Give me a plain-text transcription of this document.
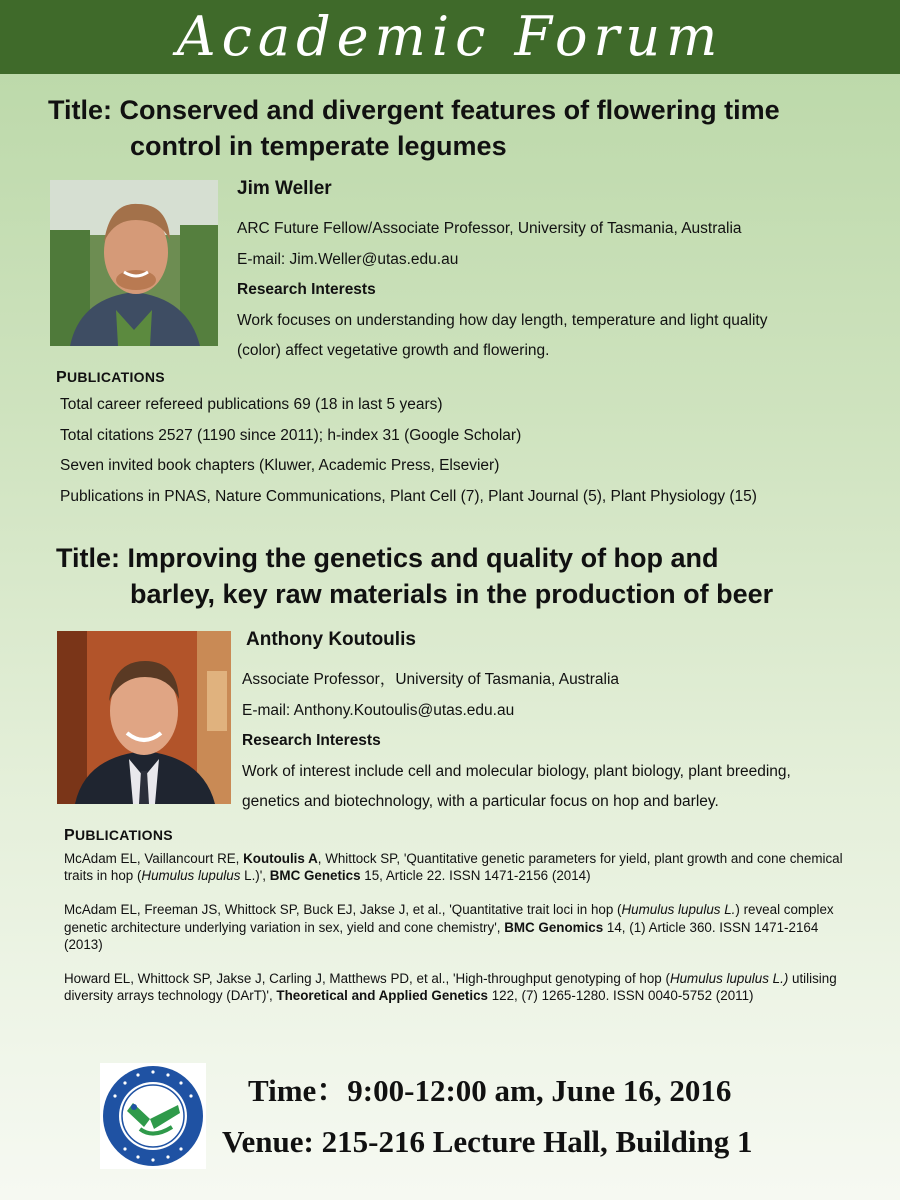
Academic Forum
Title: Conserved and divergent features of flowering time
control in temperate legumes
Jim Weller
ARC Future Fellow/Associate Professor, University of Tasmania, Australia
E-mail: Jim.Weller@utas.edu.au
Research Interests
Work focuses on understanding how day length, temperature and light quality
(color) affect vegetative growth and flowering.
PUBLICATIONS
Total career refereed publications 69 (18 in last 5 years)
Total citations 2527 (1190 since 2011); h-index 31 (Google Scholar)
Seven invited book chapters (Kluwer, Academic Press, Elsevier)
Publications in PNAS, Nature Communications, Plant Cell (7), Plant Journal (5), Plant Physiology (15)
Title: Improving the genetics and quality of hop and
barley, key raw materials in the production of beer
Anthony Koutoulis
Associate Professor，University of Tasmania, Australia
E-mail: Anthony.Koutoulis@utas.edu.au
Research Interests
Work of interest include cell and molecular biology, plant biology, plant breeding,
genetics and biotechnology, with a particular focus on hop and barley.
PUBLICATIONS
McAdam EL, Vaillancourt RE, Koutoulis A, Whittock SP, 'Quantitative genetic parameters for yield, plant growth and cone chemical traits in hop (Humulus lupulus L.)', BMC Genetics 15, Article 22. ISSN 1471-2156 (2014)
McAdam EL, Freeman JS, Whittock SP, Buck EJ, Jakse J, et al., 'Quantitative trait loci in hop (Humulus lupulus L.) reveal complex genetic architecture underlying variation in sex, yield and cone chemistry', BMC Genomics 14, (1) Article 360. ISSN 1471-2164 (2013)
Howard EL, Whittock SP, Jakse J, Carling J, Matthews PD, et al., 'High-throughput genotyping of hop (Humulus lupulus L.) utilising diversity arrays technology (DArT)', Theoretical and Applied Genetics 122, (7) 1265-1280. ISSN 0040-5752 (2011)
Time：9:00-12:00 am, June 16, 2016
Venue: 215-216 Lecture Hall, Building 1
